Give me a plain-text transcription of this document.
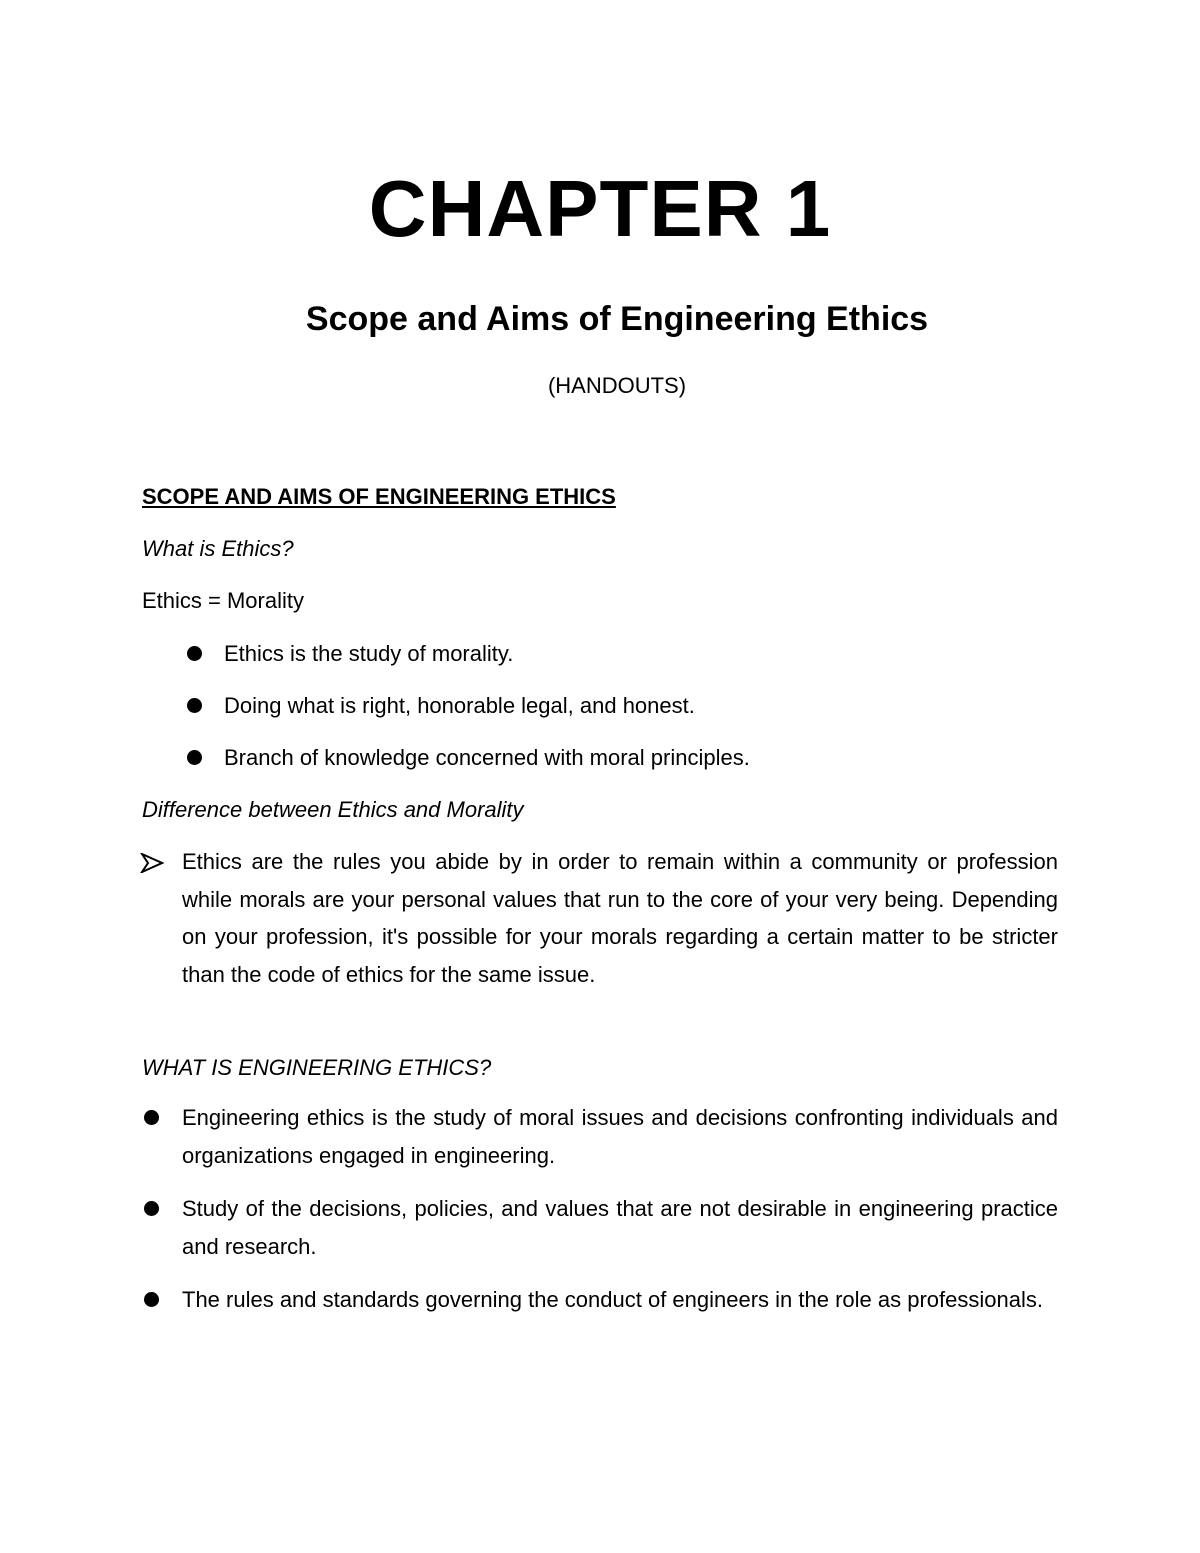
CHAPTER 1
Scope and Aims of Engineering Ethics
(HANDOUTS)
SCOPE AND AIMS OF ENGINEERING ETHICS
What is Ethics?
Ethics = Morality
Ethics is the study of morality.
Doing what is right, honorable legal, and honest.
Branch of knowledge concerned with moral principles.
Difference between Ethics and Morality
Ethics are the rules you abide by in order to remain within a community or profession while morals are your personal values that run to the core of your very being. Depending on your profession, it's possible for your morals regarding a certain matter to be stricter than the code of ethics for the same issue.
WHAT IS ENGINEERING ETHICS?
Engineering ethics is the study of moral issues and decisions confronting individuals and organizations engaged in engineering.
Study of the decisions, policies, and values that are not desirable in engineering practice and research.
The rules and standards governing the conduct of engineers in the role as professionals.
